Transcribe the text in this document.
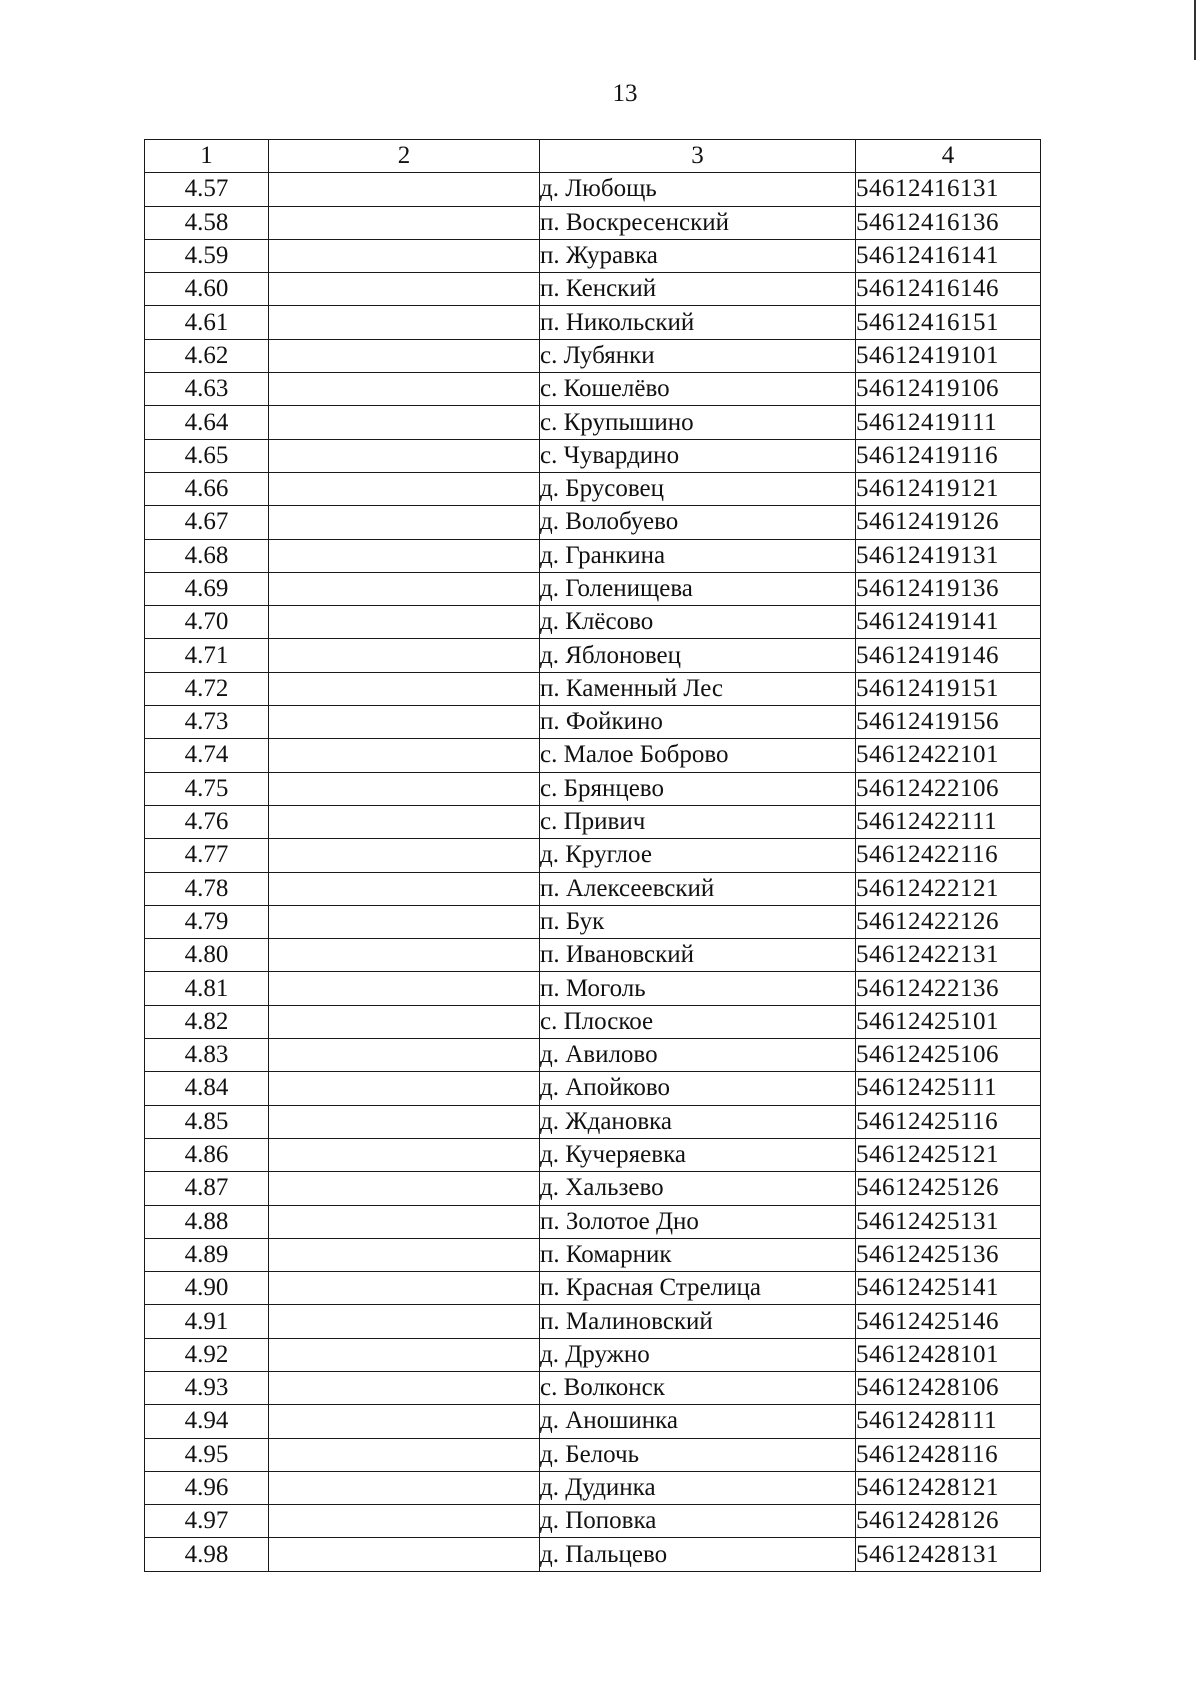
13
1	2	3	4
4.57		д. Любощь	54612416131
4.58		п. Воскресенский	54612416136
4.59		п. Журавка	54612416141
4.60		п. Кенский	54612416146
4.61		п. Никольский	54612416151
4.62		с. Лубянки	54612419101
4.63		с. Кошелёво	54612419106
4.64		с. Крупышино	54612419111
4.65		с. Чувардино	54612419116
4.66		д. Брусовец	54612419121
4.67		д. Волобуево	54612419126
4.68		д. Гранкина	54612419131
4.69		д. Голенищева	54612419136
4.70		д. Клёсово	54612419141
4.71		д. Яблоновец	54612419146
4.72		п. Каменный Лес	54612419151
4.73		п. Фойкино	54612419156
4.74		с. Малое Боброво	54612422101
4.75		с. Брянцево	54612422106
4.76		с. Привич	54612422111
4.77		д. Круглое	54612422116
4.78		п. Алексеевский	54612422121
4.79		п. Бук	54612422126
4.80		п. Ивановский	54612422131
4.81		п. Моголь	54612422136
4.82		с. Плоское	54612425101
4.83		д. Авилово	54612425106
4.84		д. Апойково	54612425111
4.85		д. Ждановка	54612425116
4.86		д. Кучеряевка	54612425121
4.87		д. Хальзево	54612425126
4.88		п. Золотое Дно	54612425131
4.89		п. Комарник	54612425136
4.90		п. Красная Стрелица	54612425141
4.91		п. Малиновский	54612425146
4.92		д. Дружно	54612428101
4.93		с. Волконск	54612428106
4.94		д. Аношинка	54612428111
4.95		д. Белочь	54612428116
4.96		д. Дудинка	54612428121
4.97		д. Поповка	54612428126
4.98		д. Пальцево	54612428131
